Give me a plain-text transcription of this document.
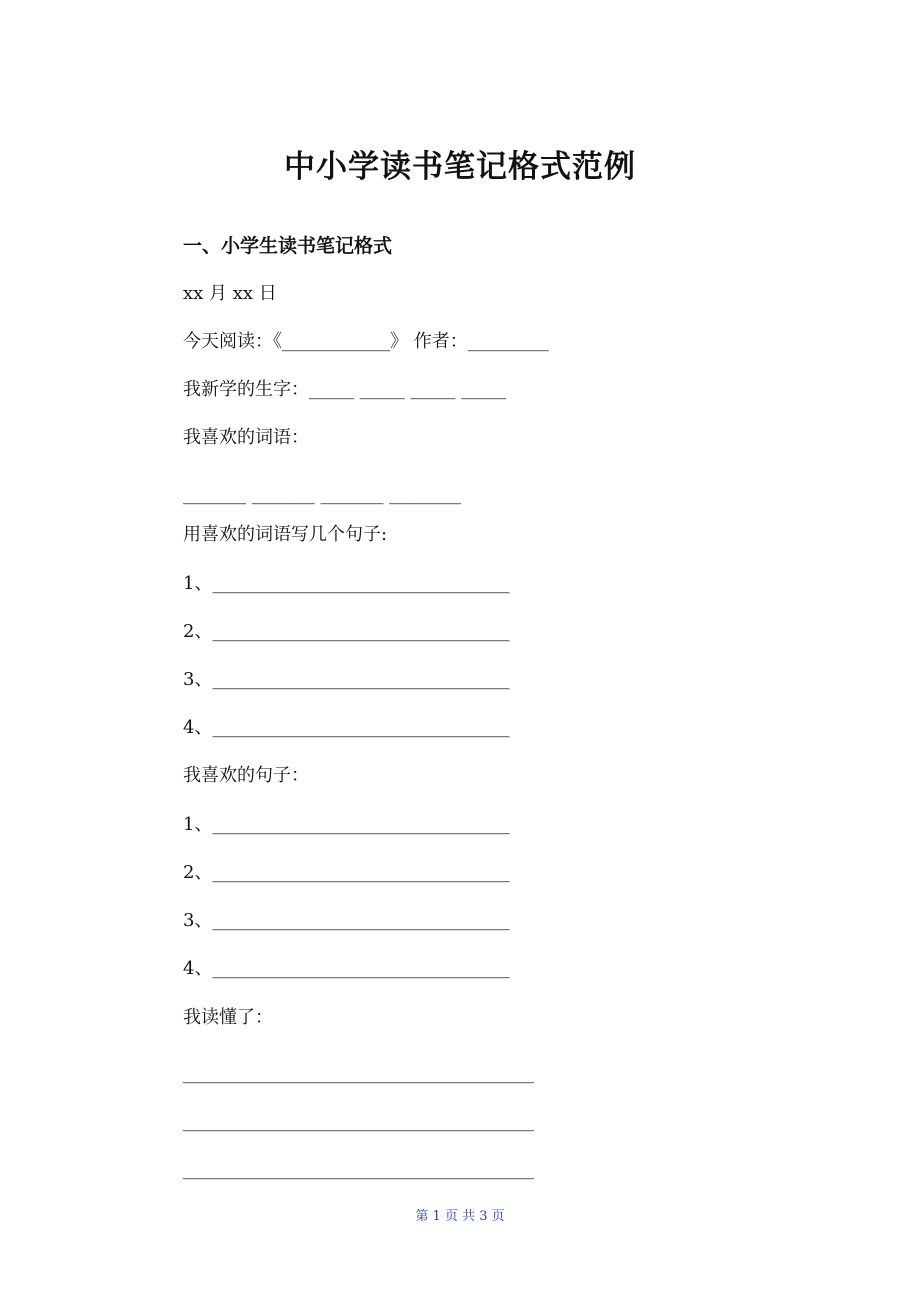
中小学读书笔记格式范例
一、小学生读书笔记格式
xx 月 xx 日
今天阅读：《____________》 作者：_________
我新学的生字：_____ _____ _____ _____
我喜欢的词语：
_______ _______ _______ ________
用喜欢的词语写几个句子:
1、_________________________________
2、_________________________________
3、_________________________________
4、_________________________________
我喜欢的句子：
1、_________________________________
2、_________________________________
3、_________________________________
4、_________________________________
我读懂了：
_______________________________________
_______________________________________
_______________________________________
第 1 页 共 3 页
